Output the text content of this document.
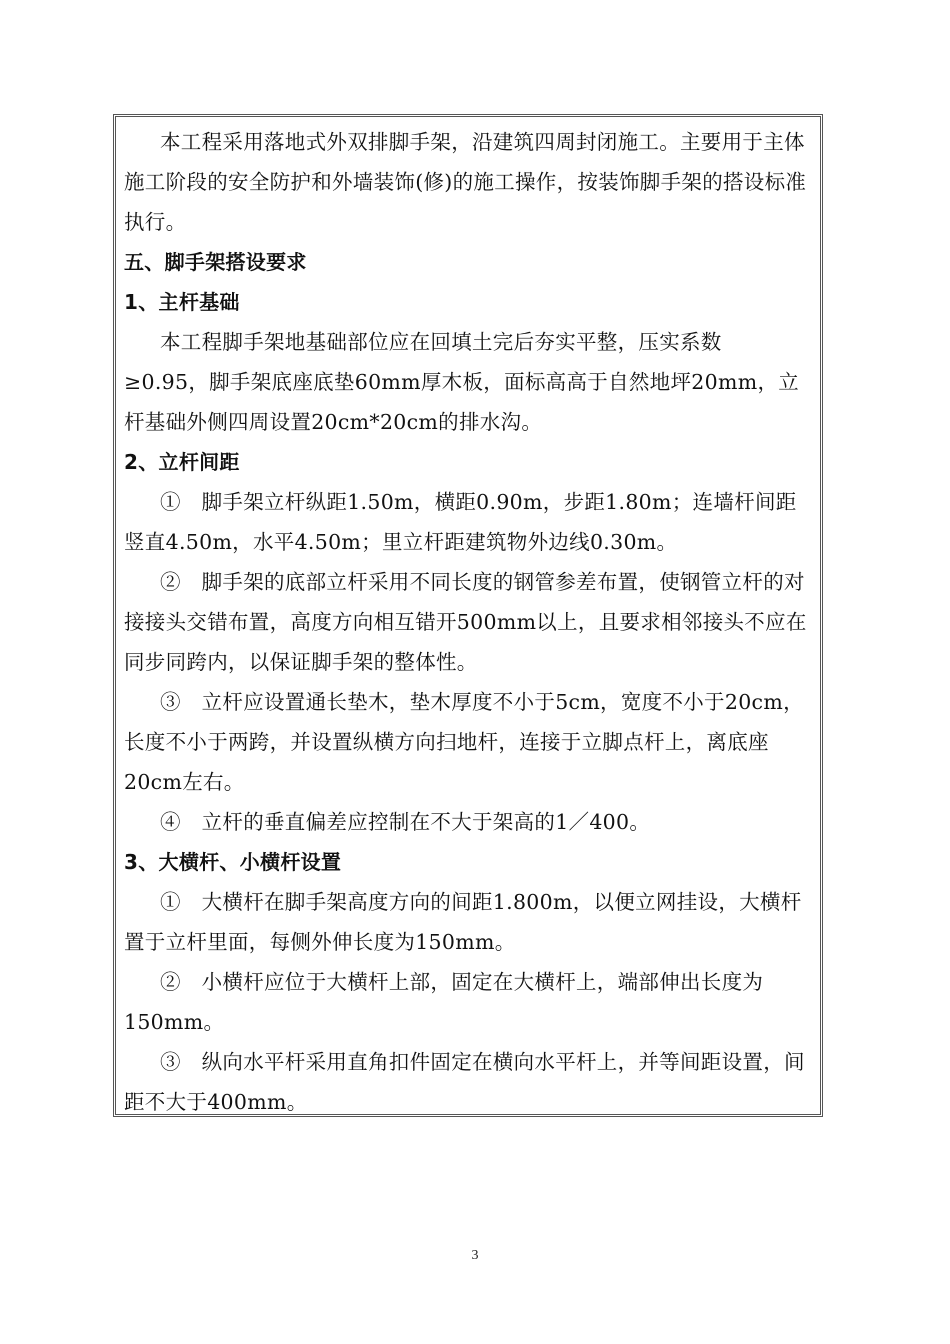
本工程采用落地式外双排脚手架，沿建筑四周封闭施工。主要用于主体施工阶段的安全防护和外墙装饰(修)的施工操作，按装饰脚手架的搭设标准执行。

五、脚手架搭设要求

1、主杆基础

本工程脚手架地基础部位应在回填土完后夯实平整，压实系数

≥0.95，脚手架底座底垫60mm厚木板，面标高高于自然地坪20mm，立杆基础外侧四周设置20cm*20cm的排水沟。

2、立杆间距

①　脚手架立杆纵距1.50m，横距0.90m，步距1.80m；连墙杆间距竖直4.50m，水平4.50m；里立杆距建筑物外边线0.30m。

②　脚手架的底部立杆采用不同长度的钢管参差布置，使钢管立杆的对接接头交错布置，高度方向相互错开500mm以上，且要求相邻接头不应在同步同跨内，以保证脚手架的整体性。

③　立杆应设置通长垫木，垫木厚度不小于5cm，宽度不小于20cm，长度不小于两跨，并设置纵横方向扫地杆，连接于立脚点杆上，离底座20cm左右。

④　立杆的垂直偏差应控制在不大于架高的1／400。

3、大横杆、小横杆设置

①　大横杆在脚手架高度方向的间距1.800m，以便立网挂设，大横杆置于立杆里面，每侧外伸长度为150mm。

②　小横杆应位于大横杆上部，固定在大横杆上，端部伸出长度为150mm。

③　纵向水平杆采用直角扣件固定在横向水平杆上，并等间距设置，间距不大于400mm。

3
